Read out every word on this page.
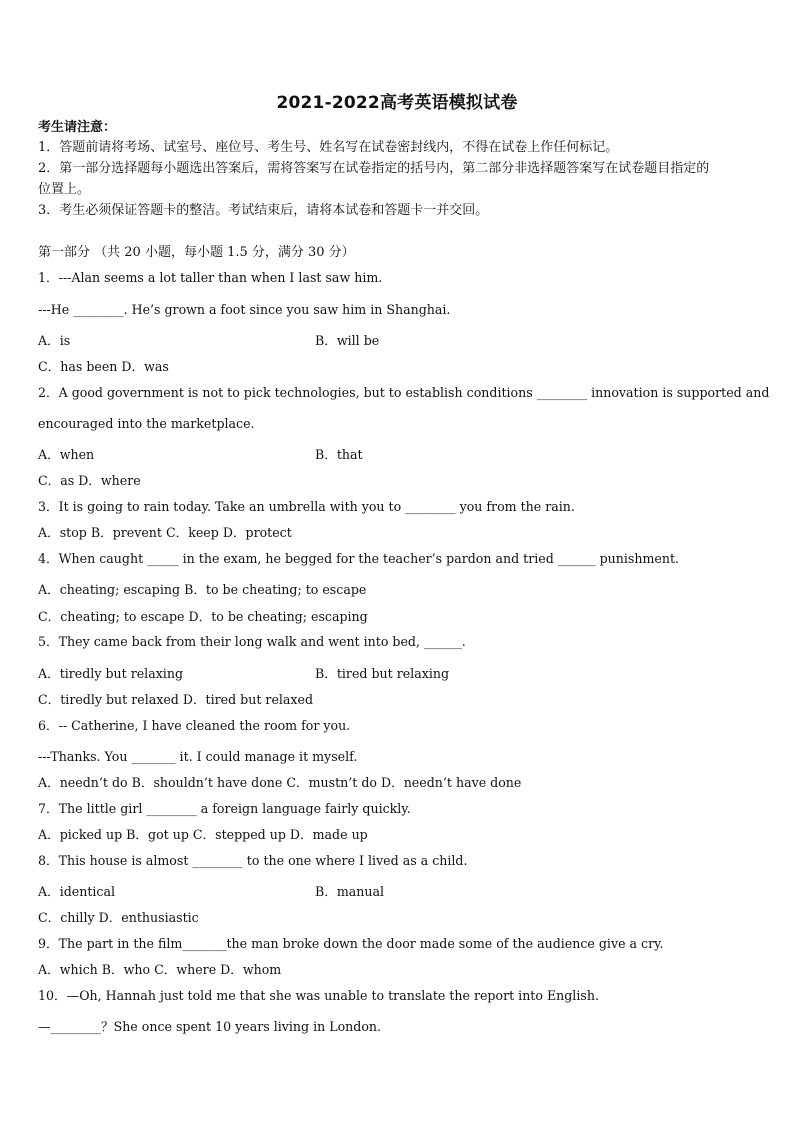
2021-2022高考英语模拟试卷
考生请注意：
1．答题前请将考场、试室号、座位号、考生号、姓名写在试卷密封线内，不得在试卷上作任何标记。
2．第一部分选择题每小题选出答案后，需将答案写在试卷指定的括号内，第二部分非选择题答案写在试卷题目指定的
位置上。
3．考生必须保证答题卡的整洁。考试结束后，请将本试卷和答题卡一并交回。
第一部分 （共 20 小题，每小题 1.5 分，满分 30 分）
1．---Alan seems a lot taller than when I last saw him.
---He ________. He’s grown a foot since you saw him in Shanghai.
A．is	B．will be
C．has been D．was
2．A good government is not to pick technologies, but to establish conditions ________ innovation is supported and
encouraged into the marketplace.
A．when	B．that
C．as D．where
3．It is going to rain today. Take an umbrella with you to ________ you from the rain.
A．stop B．prevent C．keep D．protect
4．When caught _____ in the exam, he begged for the teacher’s pardon and tried ______ punishment.
A．cheating; escaping B．to be cheating; to escape
C．cheating; to escape D．to be cheating; escaping
5．They came back from their long walk and went into bed, ______.
A．tiredly but relaxing	B．tired but relaxing
C．tiredly but relaxed D．tired but relaxed
6．-- Catherine, I have cleaned the room for you.
---Thanks. You _______ it. I could manage it myself.
A．needn’t do B．shouldn’t have done C．mustn’t do D．needn’t have done
7．The little girl ________ a foreign language fairly quickly.
A．picked up B．got up C．stepped up D．made up
8．This house is almost ________ to the one where I lived as a child.
A．identical	B．manual
C．chilly D．enthusiastic
9．The part in the film_______the man broke down the door made some of the audience give a cry.
A．which B．who C．where D．whom
10．—Oh, Hannah just told me that she was unable to translate the report into English.
—________？She once spent 10 years living in London.
